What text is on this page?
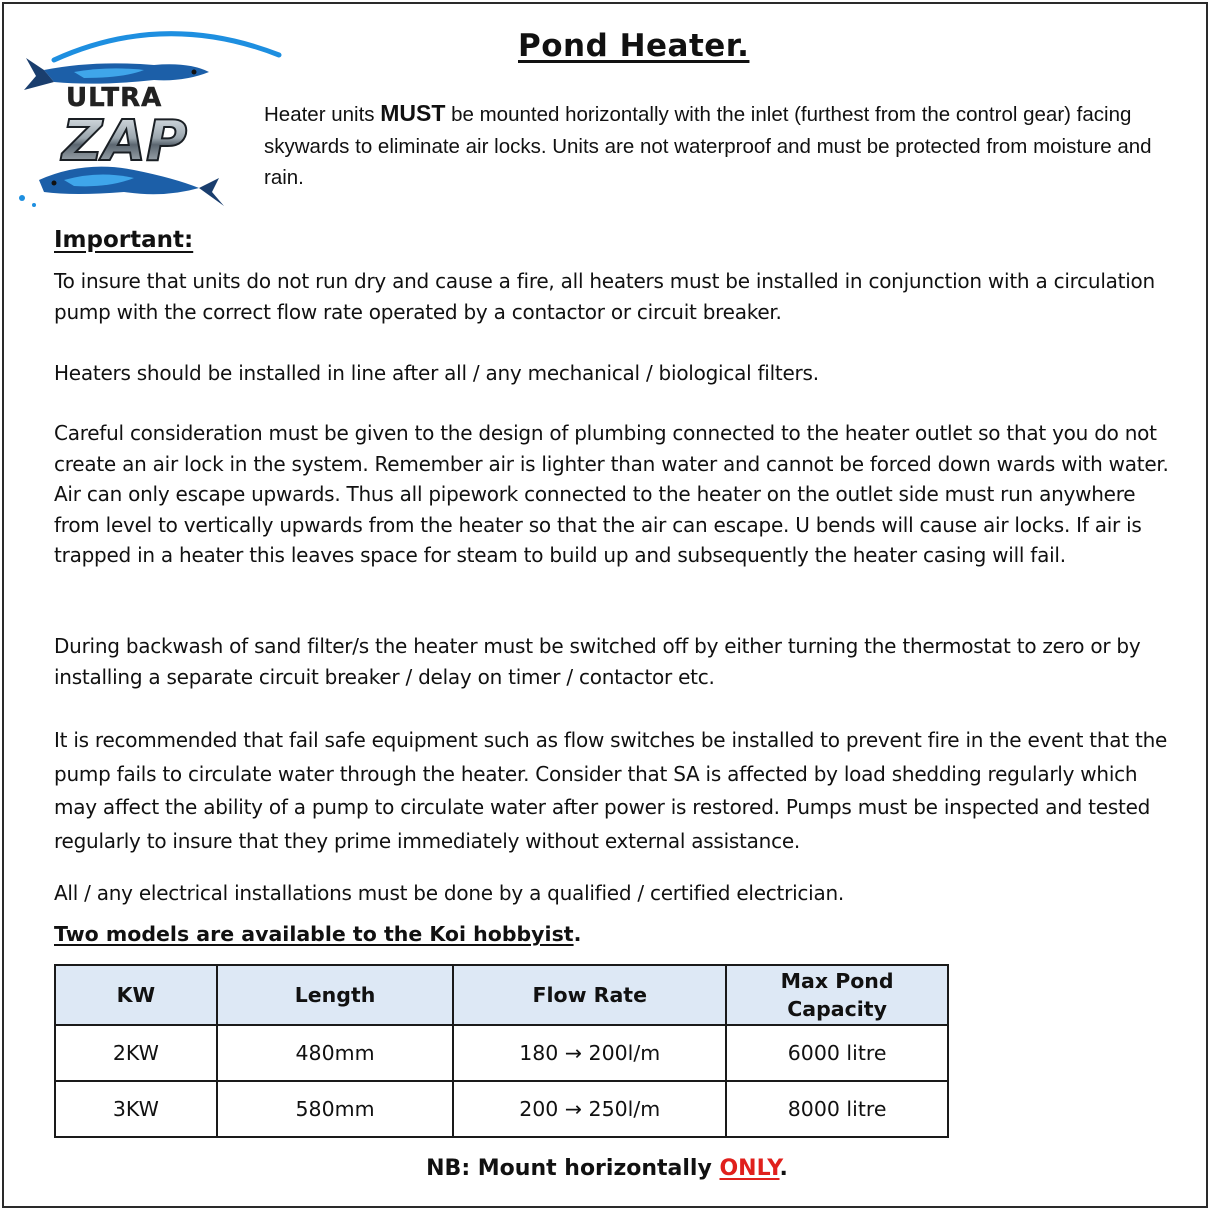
ULTRA
ZAP
Pond Heater.
Heater units MUST be mounted horizontally with the inlet (furthest from the control gear) facing skywards to eliminate air locks. Units are not waterproof and must be protected from moisture and rain.
Important:
To insure that units do not run dry and cause a fire, all heaters must be installed in conjunction with a circulation pump with the correct flow rate operated by a contactor or circuit breaker.
Heaters should be installed in line after all / any mechanical / biological filters.
Careful consideration must be given to the design of plumbing connected to the heater outlet so that you do not create an air lock in the system. Remember air is lighter than water and cannot be forced down wards with water. Air can only escape upwards. Thus all pipework connected to the heater on the outlet side must run anywhere from level to vertically upwards from the heater so that the air can escape. U bends will cause air locks. If air is trapped in a heater this leaves space for steam to build up and subsequently the heater casing will fail.
During backwash of sand filter/s the heater must be switched off by either turning the thermostat to zero or by installing a separate circuit breaker / delay on timer / contactor etc.
It is recommended that fail safe equipment such as flow switches be installed to prevent fire in the event that the pump fails to circulate water through the heater. Consider that SA is affected by load shedding regularly which may affect the ability of a pump to circulate water after power is restored. Pumps must be inspected and tested regularly to insure that they prime immediately without external assistance.
All / any electrical installations must be done by a qualified / certified electrician.
Two models are available to the Koi hobbyist.
KW	Length	Flow Rate	Max Pond Capacity
2KW	480mm	180 → 200l/m	6000 litre
3KW	580mm	200 → 250l/m	8000 litre
NB: Mount horizontally ONLY.
